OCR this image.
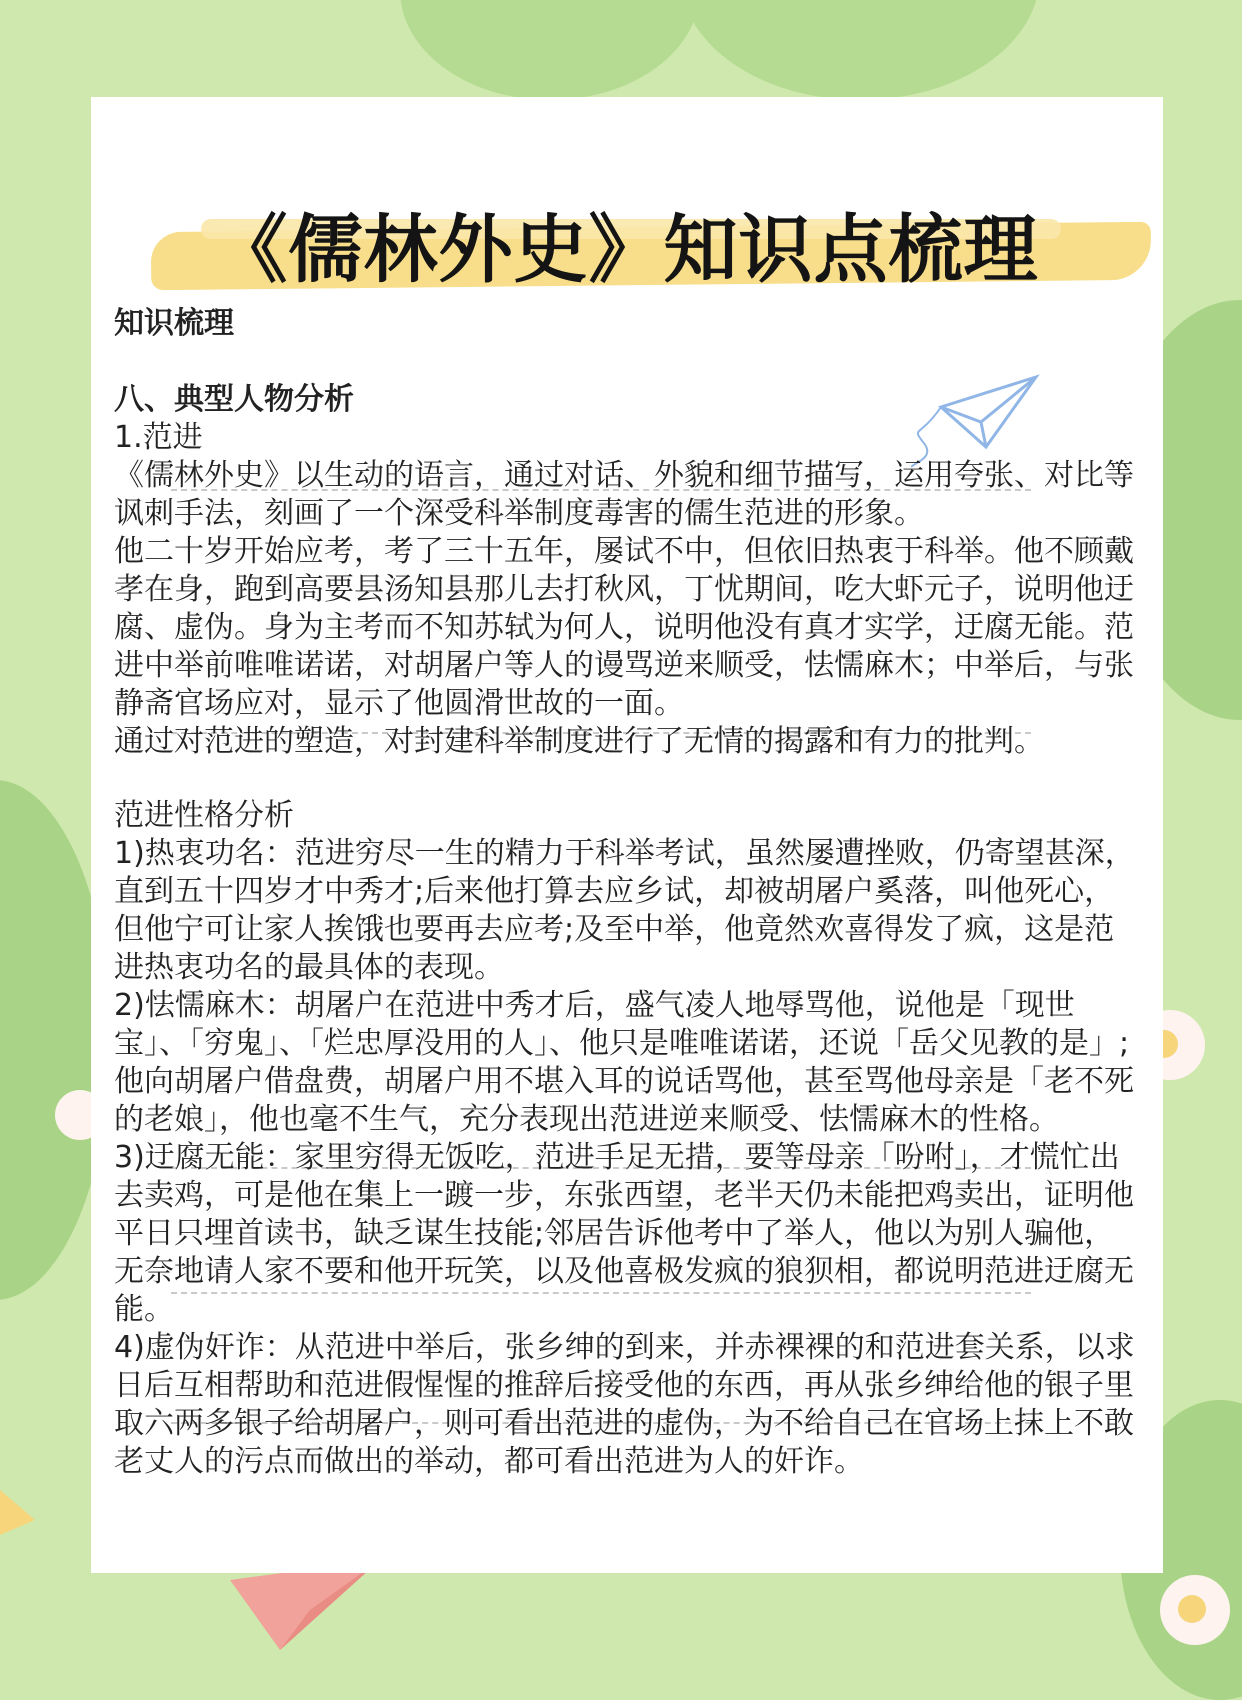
《儒林外史》知识点梳理

知识梳理

八、典型人物分析

1.范进

《儒林外史》以生动的语言，通过对话、外貌和细节描写，运用夸张、对比等讽刺手法，刻画了一个深受科举制度毒害的儒生范进的形象。

他二十岁开始应考，考了三十五年，屡试不中，但依旧热衷于科举。他不顾戴孝在身，跑到高要县汤知县那儿去打秋风，丁忧期间，吃大虾元子，说明他迂腐、虚伪。身为主考而不知苏轼为何人，说明他没有真才实学，迂腐无能。范进中举前唯唯诺诺，对胡屠户等人的谩骂逆来顺受，怯懦麻木；中举后，与张静斋官场应对，显示了他圆滑世故的一面。

通过对范进的塑造，对封建科举制度进行了无情的揭露和有力的批判。

范进性格分析

1)热衷功名：范进穷尽一生的精力于科举考试，虽然屡遭挫败，仍寄望甚深，直到五十四岁才中秀才;后来他打算去应乡试，却被胡屠户奚落，叫他死心，但他宁可让家人挨饿也要再去应考;及至中举，他竟然欢喜得发了疯，这是范进热衷功名的最具体的表现。

2)怯懦麻木：胡屠户在范进中秀才后，盛气凌人地辱骂他，说他是「现世宝」、「穷鬼」、「烂忠厚没用的人」、他只是唯唯诺诺，还说「岳父见教的是」;他向胡屠户借盘费，胡屠户用不堪入耳的说话骂他，甚至骂他母亲是「老不死的老娘」，他也毫不生气，充分表现出范进逆来顺受、怯懦麻木的性格。

3)迂腐无能：家里穷得无饭吃，范进手足无措，要等母亲「吩咐」，才慌忙出去卖鸡，可是他在集上一踱一步，东张西望，老半天仍未能把鸡卖出，证明他平日只埋首读书，缺乏谋生技能;邻居告诉他考中了举人，他以为别人骗他，无奈地请人家不要和他开玩笑，以及他喜极发疯的狼狈相，都说明范进迂腐无能。

4)虚伪奸诈：从范进中举后，张乡绅的到来，并赤裸裸的和范进套关系，以求日后互相帮助和范进假惺惺的推辞后接受他的东西，再从张乡绅给他的银子里取六两多银子给胡屠户，则可看出范进的虚伪，为不给自己在官场上抹上不敢老丈人的污点而做出的举动，都可看出范进为人的奸诈。
